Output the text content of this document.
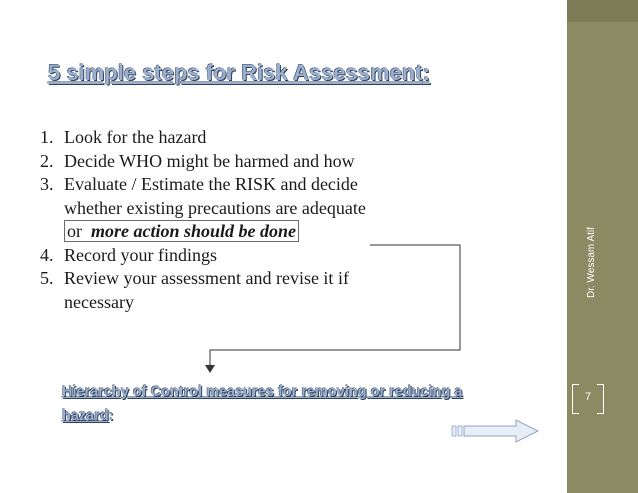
Dr. Wessam Atif
7
5 simple steps for Risk Assessment:
1. Look for the hazard
2. Decide WHO might be harmed and how
3. Evaluate / Estimate the RISK and decide
whether existing precautions are adequate
or  more action should be done
4. Record your findings
5. Review your assessment and revise it if
necessary
Hierarchy of Control measures for removing or reducing a
hazard:
